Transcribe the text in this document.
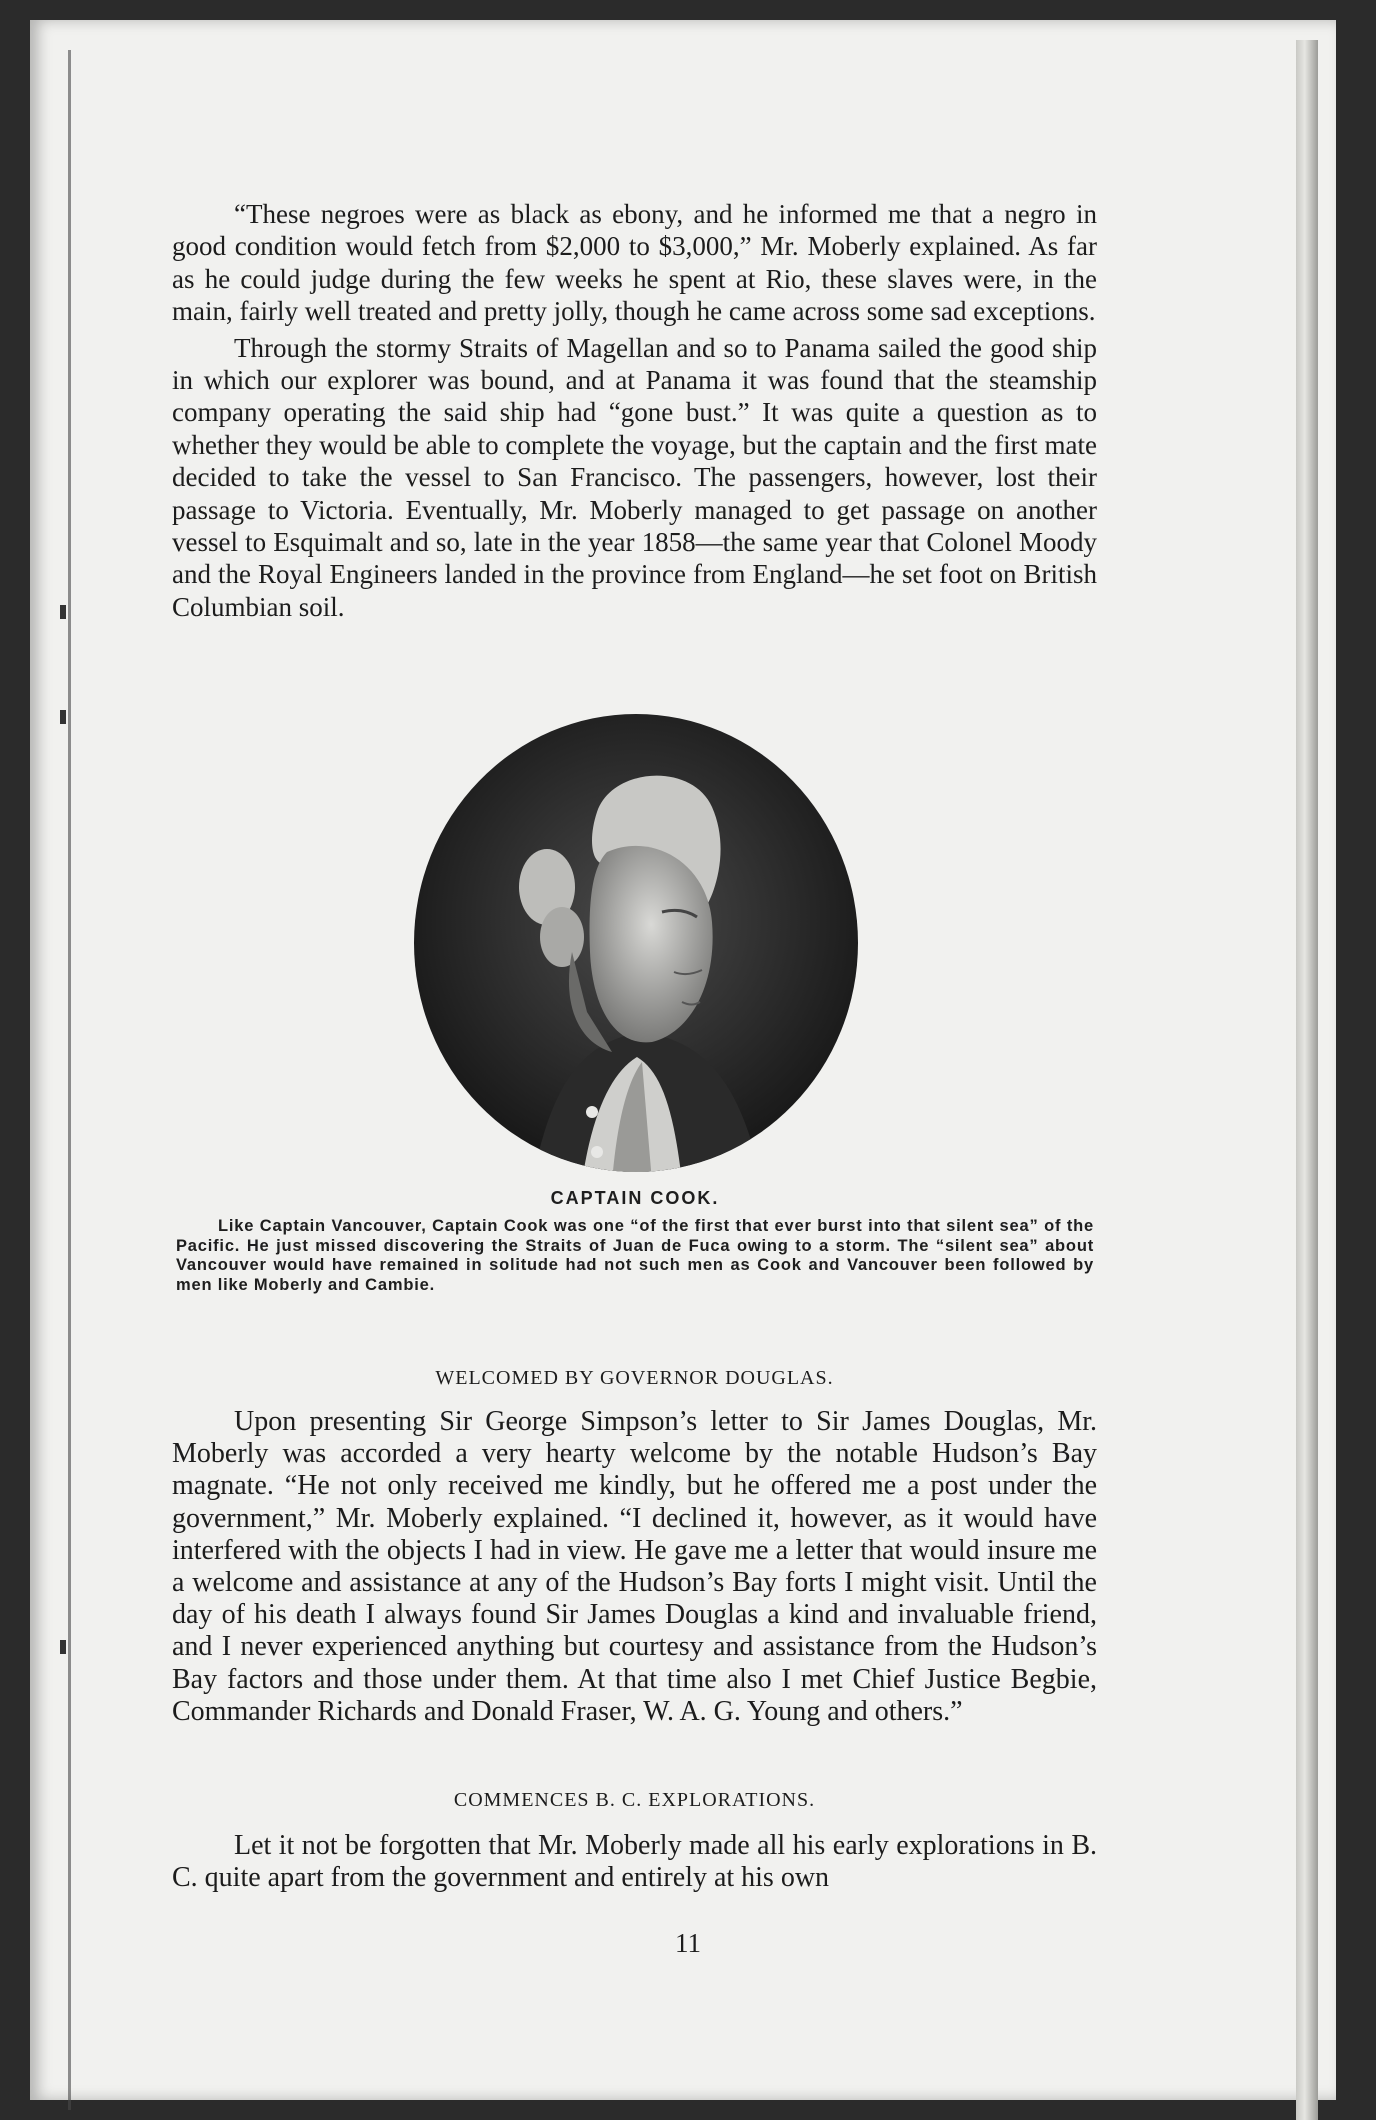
“These negroes were as black as ebony, and he informed me that a negro in good condition would fetch from $2,000 to $3,000,” Mr. Moberly explained. As far as he could judge during the few weeks he spent at Rio, these slaves were, in the main, fairly well treated and pretty jolly, though he came across some sad exceptions.

Through the stormy Straits of Magellan and so to Panama sailed the good ship in which our explorer was bound, and at Panama it was found that the steamship company operating the said ship had “gone bust.” It was quite a question as to whether they would be able to complete the voyage, but the captain and the first mate decided to take the vessel to San Francisco. The passengers, however, lost their passage to Victoria. Eventually, Mr. Moberly managed to get passage on another vessel to Esquimalt and so, late in the year 1858—the same year that Colonel Moody and the Royal Engineers landed in the province from England—he set foot on British Columbian soil.

CAPTAIN COOK.

Like Captain Vancouver, Captain Cook was one “of the first that ever burst into that silent sea” of the Pacific. He just missed discovering the Straits of Juan de Fuca owing to a storm. The “silent sea” about Vancouver would have remained in solitude had not such men as Cook and Vancouver been followed by men like Moberly and Cambie.

WELCOMED BY GOVERNOR DOUGLAS.

Upon presenting Sir George Simpson’s letter to Sir James Douglas, Mr. Moberly was accorded a very hearty welcome by the notable Hudson’s Bay magnate. “He not only received me kindly, but he offered me a post under the government,” Mr. Moberly explained. “I declined it, however, as it would have interfered with the objects I had in view. He gave me a letter that would insure me a welcome and assistance at any of the Hudson’s Bay forts I might visit. Until the day of his death I always found Sir James Douglas a kind and invaluable friend, and I never experienced anything but courtesy and assistance from the Hudson’s Bay factors and those under them. At that time also I met Chief Justice Begbie, Commander Richards and Donald Fraser, W. A. G. Young and others.”

COMMENCES B. C. EXPLORATIONS.

Let it not be forgotten that Mr. Moberly made all his early explorations in B. C. quite apart from the government and entirely at his own

11
